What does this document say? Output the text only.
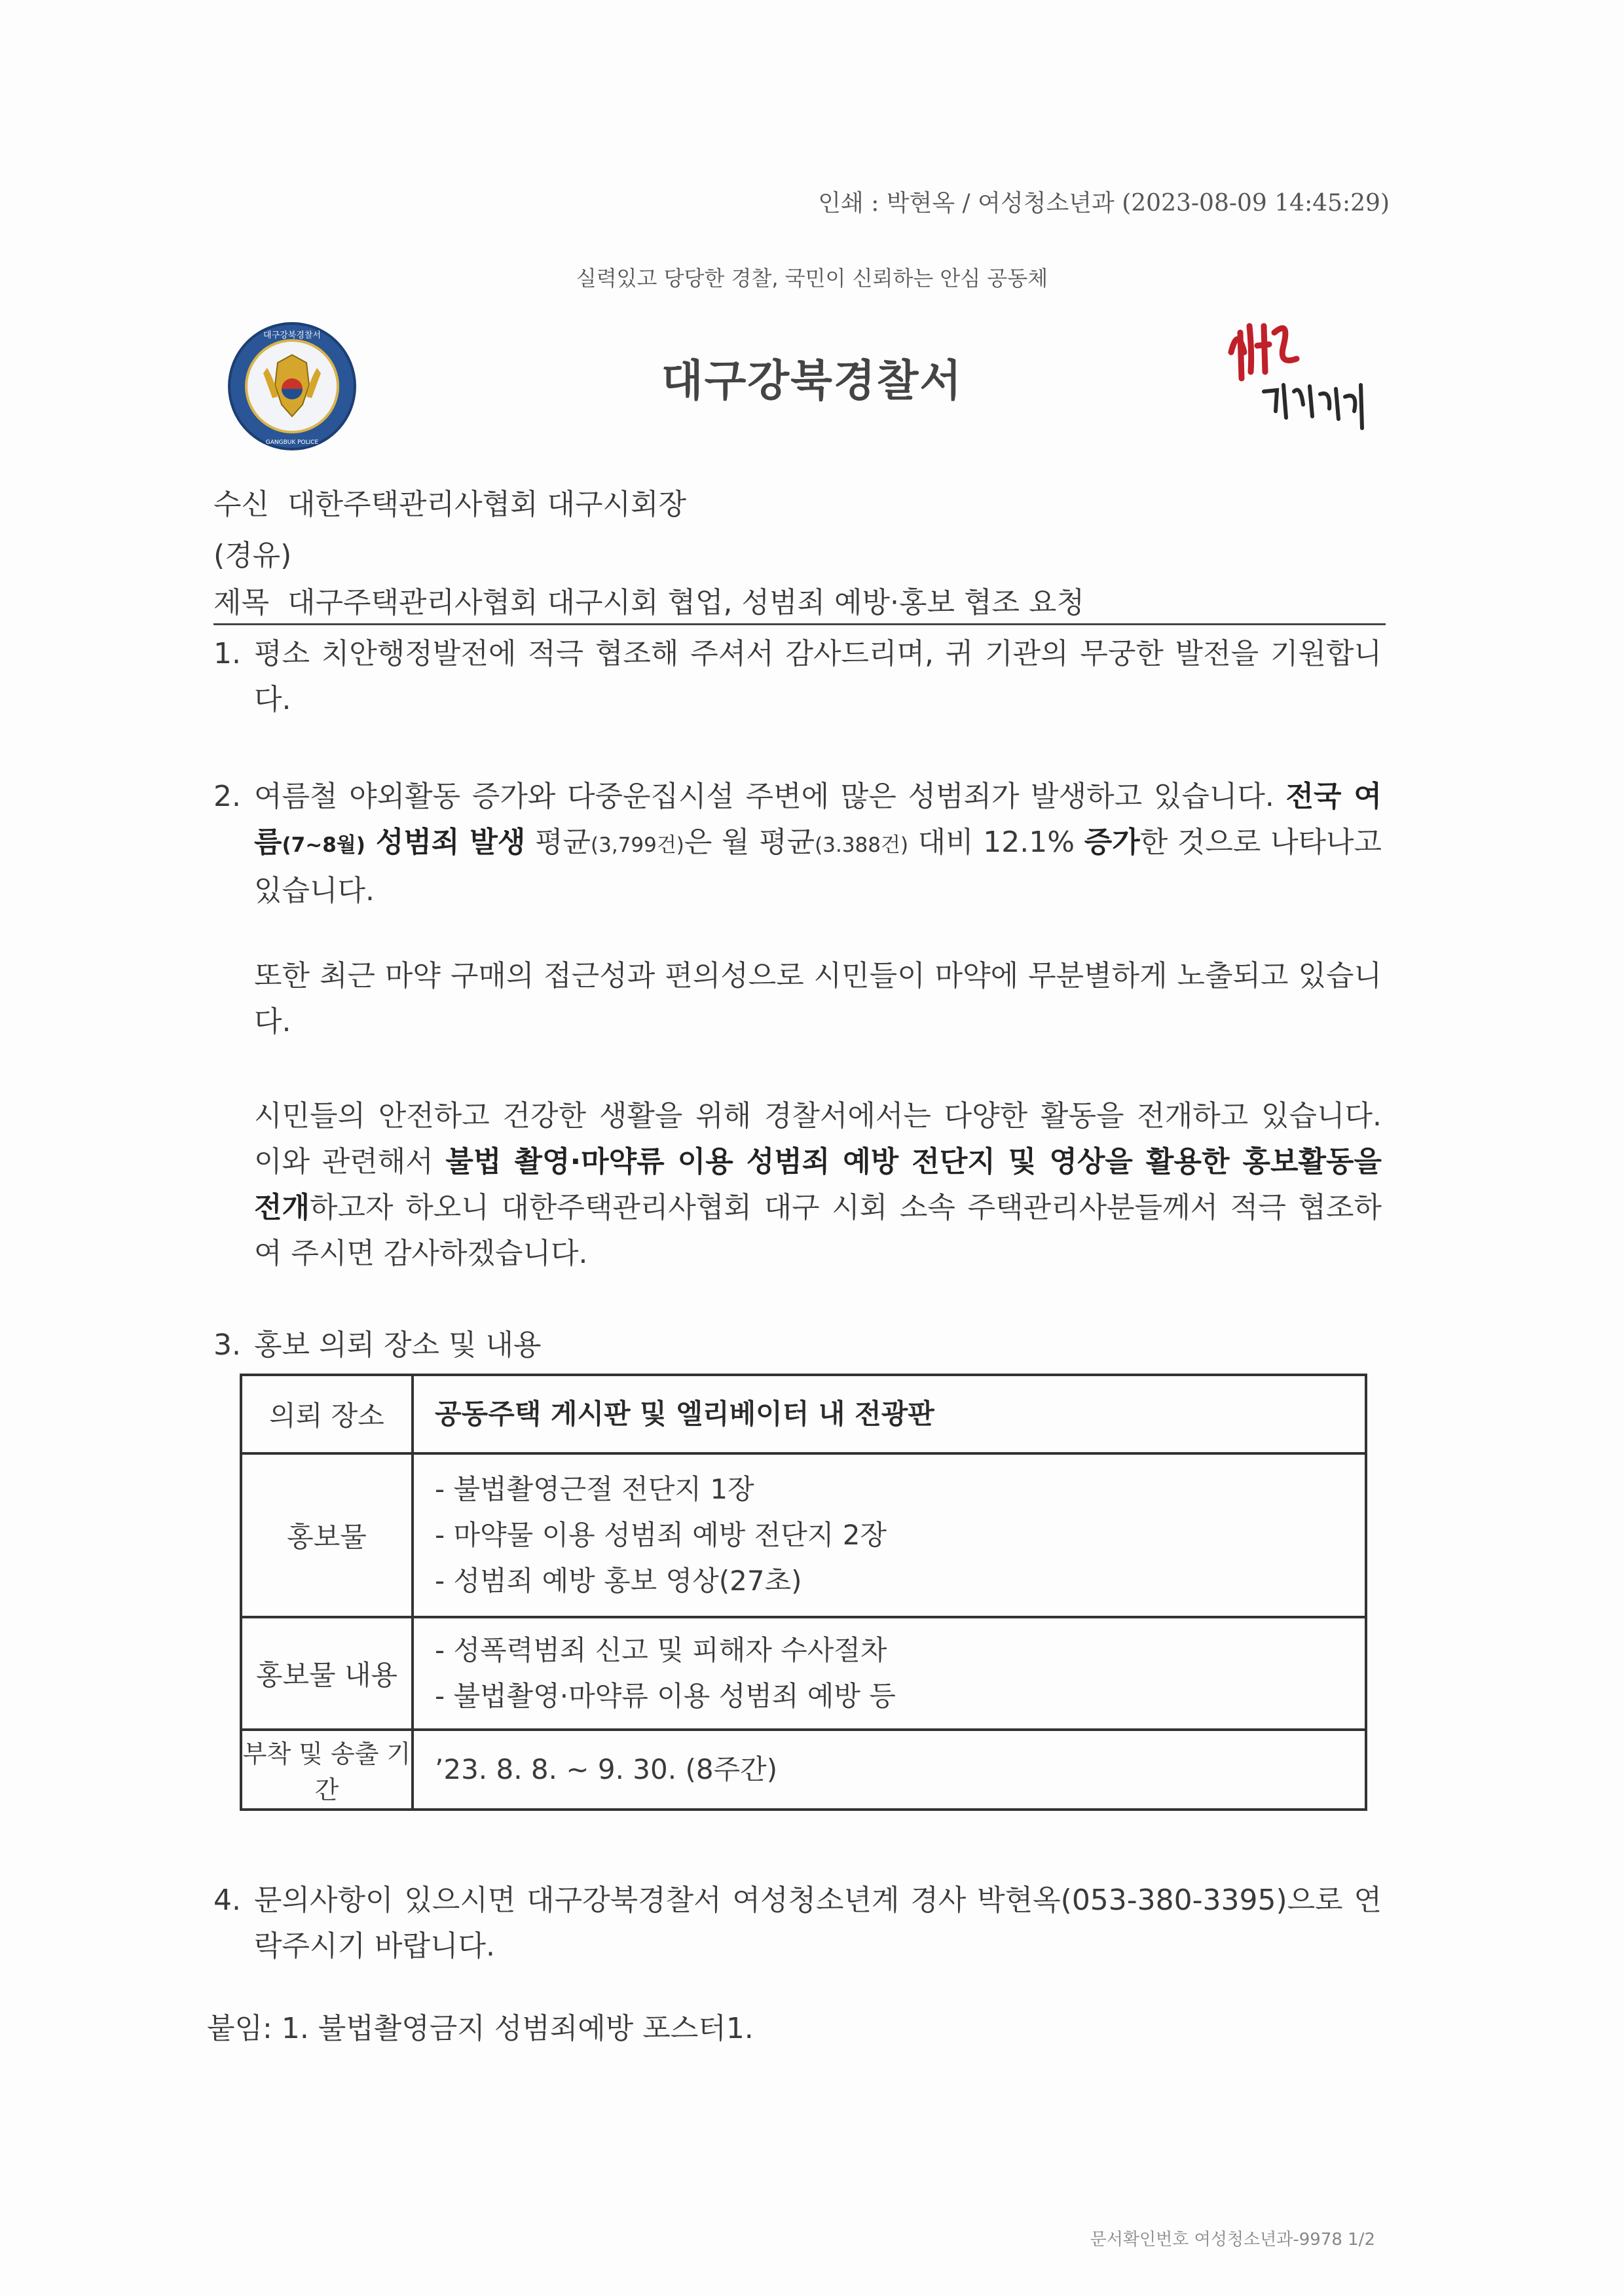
인쇄 : 박현옥 / 여성청소년과 (2023-08-09 14:45:29)
실력있고 당당한 경찰, 국민이 신뢰하는 안심 공동체
대구강북경찰서
GANGBUK POLICE
대구강북경찰서
수신 대한주택관리사협회 대구시회장
(경유)
제목 대구주택관리사협회 대구시회 협업, 성범죄 예방·홍보 협조 요청
1. 평소 치안행정발전에 적극 협조해 주셔서 감사드리며, 귀 기관의 무궁한 발전을 기원합니다.
2. 여름철 야외활동 증가와 다중운집시설 주변에 많은 성범죄가 발생하고 있습니다. 전국 여름(7~8월) 성범죄 발생 평균(3,799건)은 월 평균(3.388건) 대비 12.1% 증가한 것으로 나타나고 있습니다.
또한 최근 마약 구매의 접근성과 편의성으로 시민들이 마약에 무분별하게 노출되고 있습니다.
시민들의 안전하고 건강한 생활을 위해 경찰서에서는 다양한 활동을 전개하고 있습니다. 이와 관련해서 불법 촬영·마약류 이용 성범죄 예방 전단지 및 영상을 활용한 홍보활동을 전개하고자 하오니 대한주택관리사협회 대구 시회 소속 주택관리사분들께서 적극 협조하여 주시면 감사하겠습니다.
3. 홍보 의뢰 장소 및 내용
의뢰 장소	공동주택 게시판 및 엘리베이터 내 전광판

홍보물	- 불법촬영근절 전단지 1장
- 마약물 이용 성범죄 예방 전단지 2장
- 성범죄 예방 홍보 영상(27초)

홍보물 내용	- 성폭력범죄 신고 및 피해자 수사절차
- 불법촬영·마약류 이용 성범죄 예방 등

부착 및 송출 기간	’23. 8. 8. ~ 9. 30. (8주간)
4. 문의사항이 있으시면 대구강북경찰서 여성청소년계 경사 박현옥(053-380-3395)으로 연락주시기 바랍니다.
붙임: 1. 불법촬영금지 성범죄예방 포스터1.
문서확인번호 여성청소년과-9978 1/2
